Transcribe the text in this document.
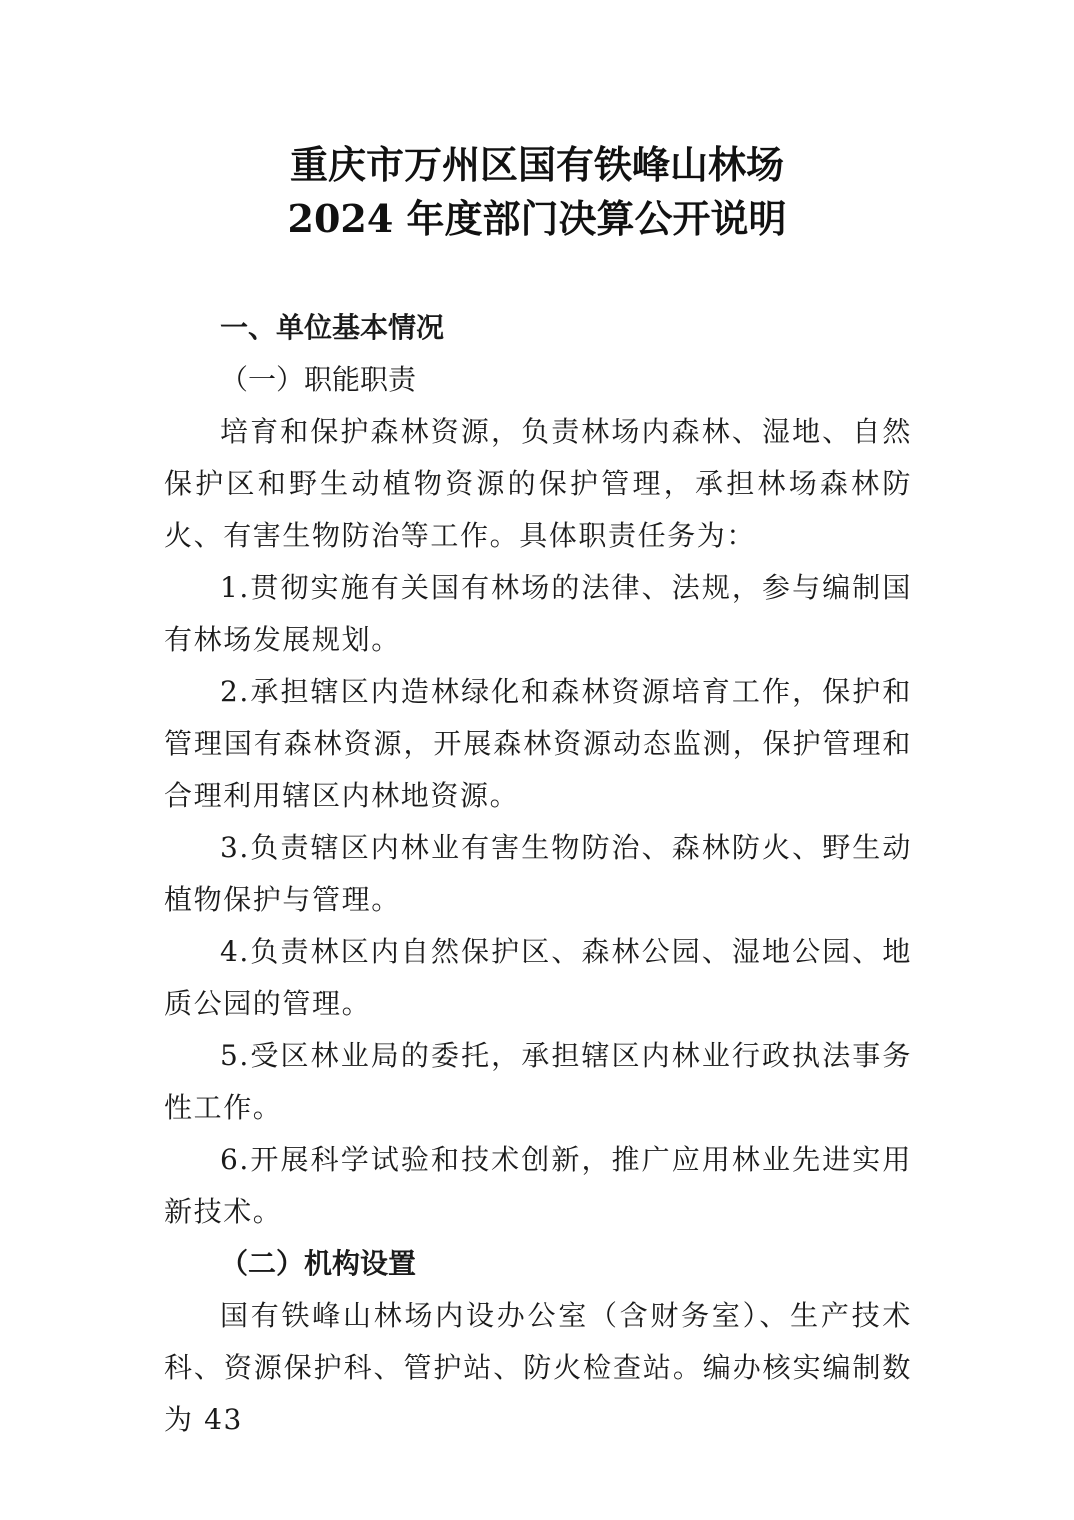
重庆市万州区国有铁峰山林场
2024 年度部门决算公开说明

一、单位基本情况

（一）职能职责

培育和保护森林资源，负责林场内森林、湿地、自然保护区和野生动植物资源的保护管理，承担林场森林防火、有害生物防治等工作。具体职责任务为：

1.贯彻实施有关国有林场的法律、法规，参与编制国有林场发展规划。

2.承担辖区内造林绿化和森林资源培育工作，保护和管理国有森林资源，开展森林资源动态监测，保护管理和合理利用辖区内林地资源。

3.负责辖区内林业有害生物防治、森林防火、野生动植物保护与管理。

4.负责林区内自然保护区、森林公园、湿地公园、地质公园的管理。

5.受区林业局的委托，承担辖区内林业行政执法事务性工作。

6.开展科学试验和技术创新，推广应用林业先进实用新技术。

（二）机构设置

国有铁峰山林场内设办公室（含财务室）、生产技术科、资源保护科、管护站、防火检查站。编办核实编制数为 43
